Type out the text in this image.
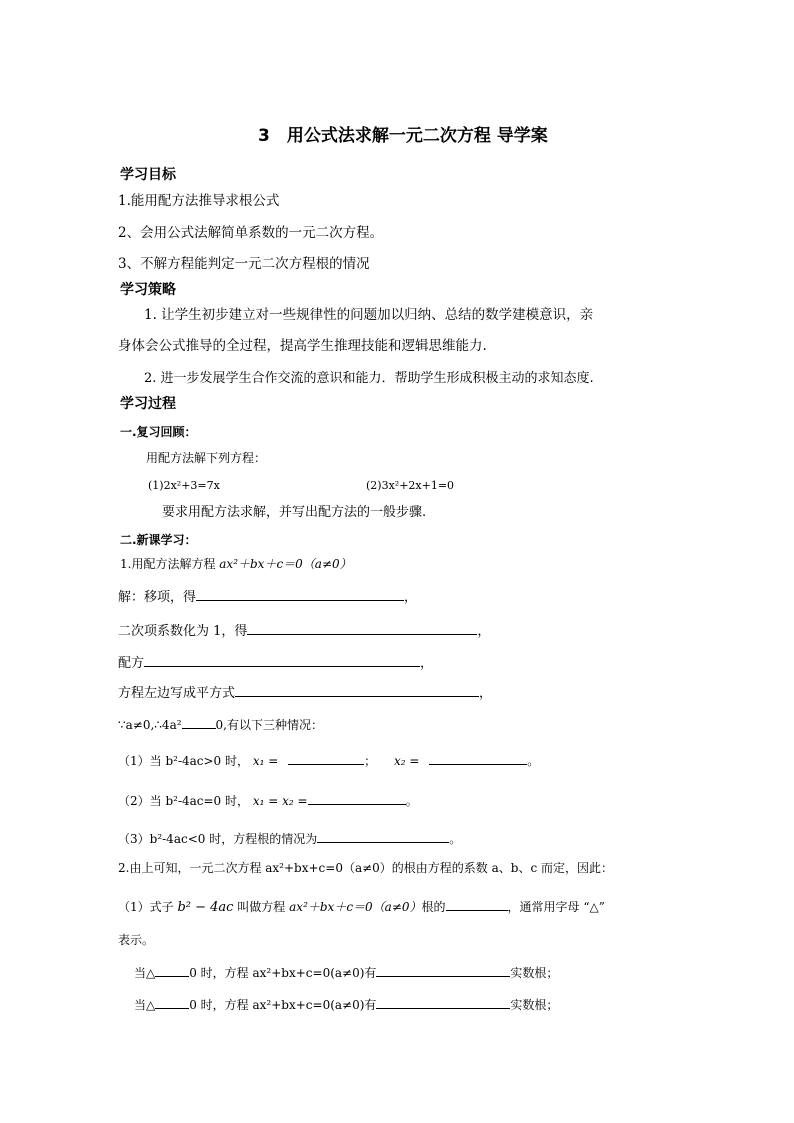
3　用公式法求解一元二次方程 导学案
学习目标
1.能用配方法推导求根公式
2、会用公式法解简单系数的一元二次方程。
3、不解方程能判定一元二次方程根的情况
学习策略
1. 让学生初步建立对一些规律性的问题加以归纳、总结的数学建模意识，亲
身体会公式推导的全过程，提高学生推理技能和逻辑思维能力.
2. 进一步发展学生合作交流的意识和能力．帮助学生形成积极主动的求知态度.
学习过程
一.复习回顾：
用配方法解下列方程：
(1)2x²+3=7x	(2)3x²+2x+1=0
要求用配方法求解，并写出配方法的一般步骤.
二.新课学习：
1.用配方法解方程 ax²＋bx＋c＝0（a≠0）
解：移项，得	，
二次项系数化为 1，得	，
配方	，
方程左边写成平方式	，
∵a≠0,∴4a²	0,有以下三种情况：
（1）当 b²-4ac>0 时， x₁ =	； x₂ =	。
（2）当 b²-4ac=0 时， x₁ = x₂ =	。
（3）b²-4ac<0 时，方程根的情况为	。
2.由上可知，一元二次方程 ax²+bx+c=0（a≠0）的根由方程的系数 a、b、c 而定，因此：
（1）式子 b² − 4ac 叫做方程 ax²＋bx＋c＝0（a≠0）根的	，通常用字母 “△”
表示。
当△	0 时，方程 ax²+bx+c=0(a≠0)有	实数根；
当△	0 时，方程 ax²+bx+c=0(a≠0)有	实数根；
